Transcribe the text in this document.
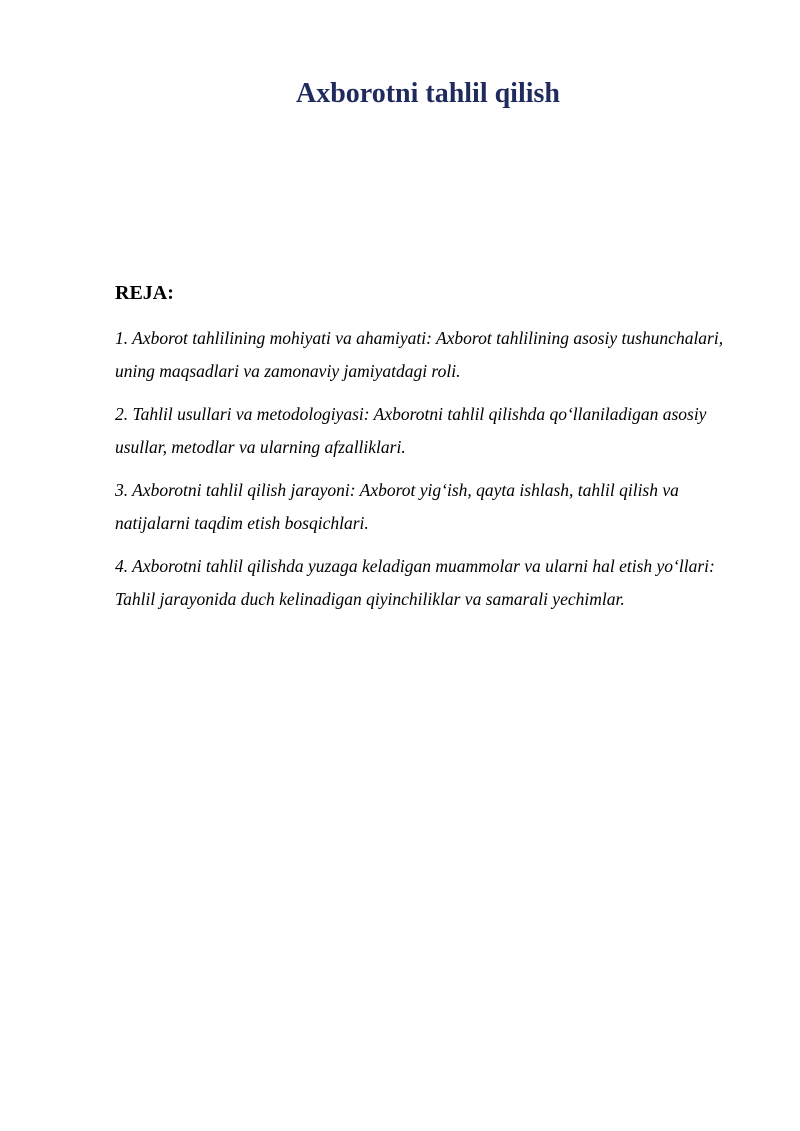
Axborotni tahlil qilish
REJA:
1. Axborot tahlilining mohiyati va ahamiyati: Axborot tahlilining asosiy tushunchalari, uning maqsadlari va zamonaviy jamiyatdagi roli.
2. Tahlil usullari va metodologiyasi: Axborotni tahlil qilishda qo‘llaniladigan asosiy usullar, metodlar va ularning afzalliklari.
3. Axborotni tahlil qilish jarayoni: Axborot yig‘ish, qayta ishlash, tahlil qilish va natijalarni taqdim etish bosqichlari.
4. Axborotni tahlil qilishda yuzaga keladigan muammolar va ularni hal etish yo‘llari: Tahlil jarayonida duch kelinadigan qiyinchiliklar va samarali yechimlar.
